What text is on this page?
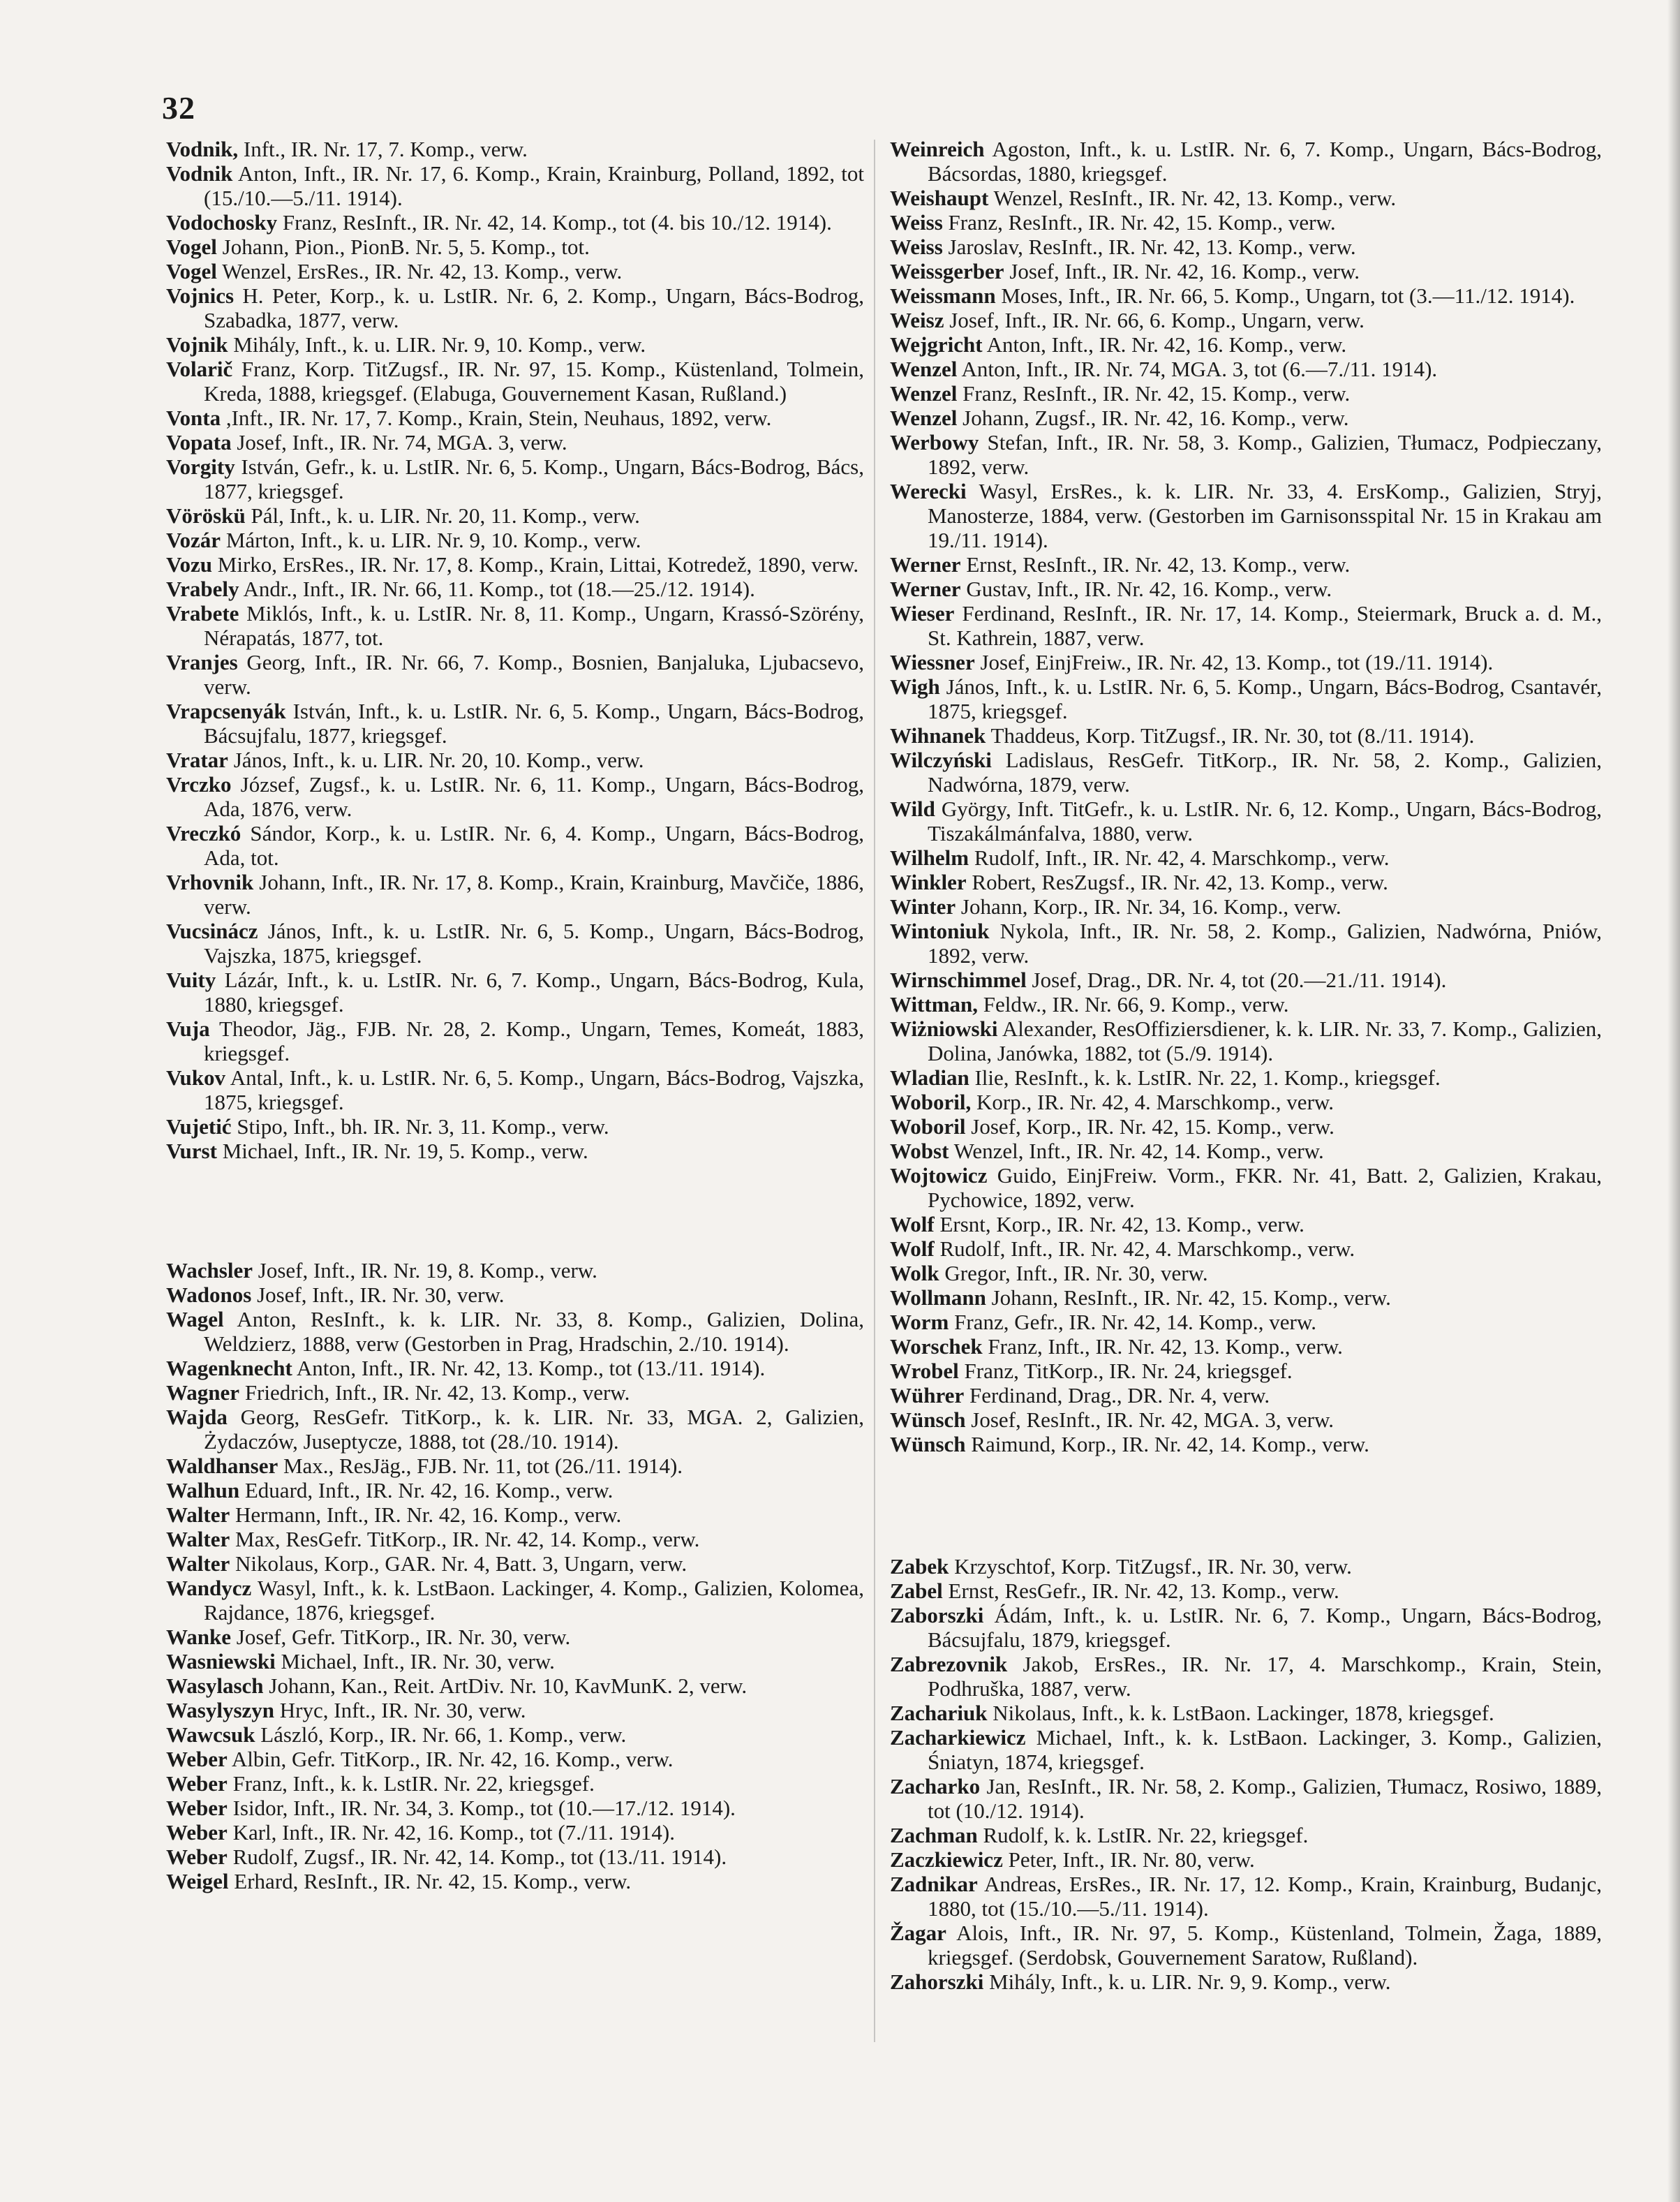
32

Vodnik, Inft., IR. Nr. 17, 7. Komp., verw.

Vodnik Anton, Inft., IR. Nr. 17, 6. Komp., Krain, Krainburg, Polland, 1892, tot (15./10.—5./11. 1914).

Vodochosky Franz, ResInft., IR. Nr. 42, 14. Komp., tot (4. bis 10./12. 1914).

Vogel Johann, Pion., PionB. Nr. 5, 5. Komp., tot.

Vogel Wenzel, ErsRes., IR. Nr. 42, 13. Komp., verw.

Vojnics H. Peter, Korp., k. u. LstIR. Nr. 6, 2. Komp., Ungarn, Bács-Bodrog, Szabadka, 1877, verw.

Vojnik Mihály, Inft., k. u. LIR. Nr. 9, 10. Komp., verw.

Volarič Franz, Korp. TitZugsf., IR. Nr. 97, 15. Komp., Küstenland, Tolmein, Kreda, 1888, kriegsgef. (Elabuga, Gouvernement Kasan, Rußland.)

Vonta ,Inft., IR. Nr. 17, 7. Komp., Krain, Stein, Neuhaus, 1892, verw.

Vopata Josef, Inft., IR. Nr. 74, MGA. 3, verw.

Vorgity István, Gefr., k. u. LstIR. Nr. 6, 5. Komp., Ungarn, Bács-Bodrog, Bács, 1877, kriegsgef.

Vöröskü Pál, Inft., k. u. LIR. Nr. 20, 11. Komp., verw.

Vozár Márton, Inft., k. u. LIR. Nr. 9, 10. Komp., verw.

Vozu Mirko, ErsRes., IR. Nr. 17, 8. Komp., Krain, Littai, Kotredež, 1890, verw.

Vrabely Andr., Inft., IR. Nr. 66, 11. Komp., tot (18.—25./12. 1914).

Vrabete Miklós, Inft., k. u. LstIR. Nr. 8, 11. Komp., Ungarn, Krassó-Szörény, Nérapatás, 1877, tot.

Vranjes Georg, Inft., IR. Nr. 66, 7. Komp., Bosnien, Banjaluka, Ljubacsevo, verw.

Vrapcsenyák István, Inft., k. u. LstIR. Nr. 6, 5. Komp., Ungarn, Bács-Bodrog, Bácsujfalu, 1877, kriegsgef.

Vratar János, Inft., k. u. LIR. Nr. 20, 10. Komp., verw.

Vrczko József, Zugsf., k. u. LstIR. Nr. 6, 11. Komp., Ungarn, Bács-Bodrog, Ada, 1876, verw.

Vreczkó Sándor, Korp., k. u. LstIR. Nr. 6, 4. Komp., Ungarn, Bács-Bodrog, Ada, tot.

Vrhovnik Johann, Inft., IR. Nr. 17, 8. Komp., Krain, Krainburg, Mavčiče, 1886, verw.

Vucsinácz János, Inft., k. u. LstIR. Nr. 6, 5. Komp., Ungarn, Bács-Bodrog, Vajszka, 1875, kriegsgef.

Vuity Lázár, Inft., k. u. LstIR. Nr. 6, 7. Komp., Ungarn, Bács-Bodrog, Kula, 1880, kriegsgef.

Vuja Theodor, Jäg., FJB. Nr. 28, 2. Komp., Ungarn, Temes, Komeát, 1883, kriegsgef.

Vukov Antal, Inft., k. u. LstIR. Nr. 6, 5. Komp., Ungarn, Bács-Bodrog, Vajszka, 1875, kriegsgef.

Vujetić Stipo, Inft., bh. IR. Nr. 3, 11. Komp., verw.

Vurst Michael, Inft., IR. Nr. 19, 5. Komp., verw.

Wachsler Josef, Inft., IR. Nr. 19, 8. Komp., verw.

Wadonos Josef, Inft., IR. Nr. 30, verw.

Wagel Anton, ResInft., k. k. LIR. Nr. 33, 8. Komp., Galizien, Dolina, Weldzierz, 1888, verw (Gestorben in Prag, Hradschin, 2./10. 1914).

Wagenknecht Anton, Inft., IR. Nr. 42, 13. Komp., tot (13./11. 1914).

Wagner Friedrich, Inft., IR. Nr. 42, 13. Komp., verw.

Wajda Georg, ResGefr. TitKorp., k. k. LIR. Nr. 33, MGA. 2, Galizien, Żydaczów, Juseptycze, 1888, tot (28./10. 1914).

Waldhanser Max., ResJäg., FJB. Nr. 11, tot (26./11. 1914).

Walhun Eduard, Inft., IR. Nr. 42, 16. Komp., verw.

Walter Hermann, Inft., IR. Nr. 42, 16. Komp., verw.

Walter Max, ResGefr. TitKorp., IR. Nr. 42, 14. Komp., verw.

Walter Nikolaus, Korp., GAR. Nr. 4, Batt. 3, Ungarn, verw.

Wandycz Wasyl, Inft., k. k. LstBaon. Lackinger, 4. Komp., Galizien, Kolomea, Rajdance, 1876, kriegsgef.

Wanke Josef, Gefr. TitKorp., IR. Nr. 30, verw.

Wasniewski Michael, Inft., IR. Nr. 30, verw.

Wasylasch Johann, Kan., Reit. ArtDiv. Nr. 10, KavMunK. 2, verw.

Wasylyszyn Hryc, Inft., IR. Nr. 30, verw.

Wawcsuk László, Korp., IR. Nr. 66, 1. Komp., verw.

Weber Albin, Gefr. TitKorp., IR. Nr. 42, 16. Komp., verw.

Weber Franz, Inft., k. k. LstIR. Nr. 22, kriegsgef.

Weber Isidor, Inft., IR. Nr. 34, 3. Komp., tot (10.—17./12. 1914).

Weber Karl, Inft., IR. Nr. 42, 16. Komp., tot (7./11. 1914).

Weber Rudolf, Zugsf., IR. Nr. 42, 14. Komp., tot (13./11. 1914).

Weigel Erhard, ResInft., IR. Nr. 42, 15. Komp., verw.

Weinreich Agoston, Inft., k. u. LstIR. Nr. 6, 7. Komp., Ungarn, Bács-Bodrog, Bácsordas, 1880, kriegsgef.

Weishaupt Wenzel, ResInft., IR. Nr. 42, 13. Komp., verw.

Weiss Franz, ResInft., IR. Nr. 42, 15. Komp., verw.

Weiss Jaroslav, ResInft., IR. Nr. 42, 13. Komp., verw.

Weissgerber Josef, Inft., IR. Nr. 42, 16. Komp., verw.

Weissmann Moses, Inft., IR. Nr. 66, 5. Komp., Ungarn, tot (3.—11./12. 1914).

Weisz Josef, Inft., IR. Nr. 66, 6. Komp., Ungarn, verw.

Wejgricht Anton, Inft., IR. Nr. 42, 16. Komp., verw.

Wenzel Anton, Inft., IR. Nr. 74, MGA. 3, tot (6.—7./11. 1914).

Wenzel Franz, ResInft., IR. Nr. 42, 15. Komp., verw.

Wenzel Johann, Zugsf., IR. Nr. 42, 16. Komp., verw.

Werbowy Stefan, Inft., IR. Nr. 58, 3. Komp., Galizien, Tłumacz, Podpieczany, 1892, verw.

Werecki Wasyl, ErsRes., k. k. LIR. Nr. 33, 4. ErsKomp., Galizien, Stryj, Manosterze, 1884, verw. (Gestorben im Garnisonsspital Nr. 15 in Krakau am 19./11. 1914).

Werner Ernst, ResInft., IR. Nr. 42, 13. Komp., verw.

Werner Gustav, Inft., IR. Nr. 42, 16. Komp., verw.

Wieser Ferdinand, ResInft., IR. Nr. 17, 14. Komp., Steiermark, Bruck a. d. M., St. Kathrein, 1887, verw.

Wiessner Josef, EinjFreiw., IR. Nr. 42, 13. Komp., tot (19./11. 1914).

Wigh János, Inft., k. u. LstIR. Nr. 6, 5. Komp., Ungarn, Bács-Bodrog, Csantavér, 1875, kriegsgef.

Wihnanek Thaddeus, Korp. TitZugsf., IR. Nr. 30, tot (8./11. 1914).

Wilczyński Ladislaus, ResGefr. TitKorp., IR. Nr. 58, 2. Komp., Galizien, Nadwórna, 1879, verw.

Wild György, Inft. TitGefr., k. u. LstIR. Nr. 6, 12. Komp., Ungarn, Bács-Bodrog, Tiszakálmánfalva, 1880, verw.

Wilhelm Rudolf, Inft., IR. Nr. 42, 4. Marschkomp., verw.

Winkler Robert, ResZugsf., IR. Nr. 42, 13. Komp., verw.

Winter Johann, Korp., IR. Nr. 34, 16. Komp., verw.

Wintoniuk Nykola, Inft., IR. Nr. 58, 2. Komp., Galizien, Nadwórna, Pniów, 1892, verw.

Wirnschimmel Josef, Drag., DR. Nr. 4, tot (20.—21./11. 1914).

Wittman, Feldw., IR. Nr. 66, 9. Komp., verw.

Wiżniowski Alexander, ResOffiziersdiener, k. k. LIR. Nr. 33, 7. Komp., Galizien, Dolina, Janówka, 1882, tot (5./9. 1914).

Wladian Ilie, ResInft., k. k. LstIR. Nr. 22, 1. Komp., kriegsgef.

Woboril, Korp., IR. Nr. 42, 4. Marschkomp., verw.

Woboril Josef, Korp., IR. Nr. 42, 15. Komp., verw.

Wobst Wenzel, Inft., IR. Nr. 42, 14. Komp., verw.

Wojtowicz Guido, EinjFreiw. Vorm., FKR. Nr. 41, Batt. 2, Galizien, Krakau, Pychowice, 1892, verw.

Wolf Ersnt, Korp., IR. Nr. 42, 13. Komp., verw.

Wolf Rudolf, Inft., IR. Nr. 42, 4. Marschkomp., verw.

Wolk Gregor, Inft., IR. Nr. 30, verw.

Wollmann Johann, ResInft., IR. Nr. 42, 15. Komp., verw.

Worm Franz, Gefr., IR. Nr. 42, 14. Komp., verw.

Worschek Franz, Inft., IR. Nr. 42, 13. Komp., verw.

Wrobel Franz, TitKorp., IR. Nr. 24, kriegsgef.

Wührer Ferdinand, Drag., DR. Nr. 4, verw.

Wünsch Josef, ResInft., IR. Nr. 42, MGA. 3, verw.

Wünsch Raimund, Korp., IR. Nr. 42, 14. Komp., verw.

Zabek Krzyschtof, Korp. TitZugsf., IR. Nr. 30, verw.

Zabel Ernst, ResGefr., IR. Nr. 42, 13. Komp., verw.

Zaborszki Ádám, Inft., k. u. LstIR. Nr. 6, 7. Komp., Ungarn, Bács-Bodrog, Bácsujfalu, 1879, kriegsgef.

Zabrezovnik Jakob, ErsRes., IR. Nr. 17, 4. Marschkomp., Krain, Stein, Podhruška, 1887, verw.

Zachariuk Nikolaus, Inft., k. k. LstBaon. Lackinger, 1878, kriegsgef.

Zacharkiewicz Michael, Inft., k. k. LstBaon. Lackinger, 3. Komp., Galizien, Śniatyn, 1874, kriegsgef.

Zacharko Jan, ResInft., IR. Nr. 58, 2. Komp., Galizien, Tłumacz, Rosiwo, 1889, tot (10./12. 1914).

Zachman Rudolf, k. k. LstIR. Nr. 22, kriegsgef.

Zaczkiewicz Peter, Inft., IR. Nr. 80, verw.

Zadnikar Andreas, ErsRes., IR. Nr. 17, 12. Komp., Krain, Krainburg, Budanjc, 1880, tot (15./10.—5./11. 1914).

Žagar Alois, Inft., IR. Nr. 97, 5. Komp., Küstenland, Tolmein, Žaga, 1889, kriegsgef. (Serdobsk, Gouvernement Saratow, Rußland).

Zahorszki Mihály, Inft., k. u. LIR. Nr. 9, 9. Komp., verw.
